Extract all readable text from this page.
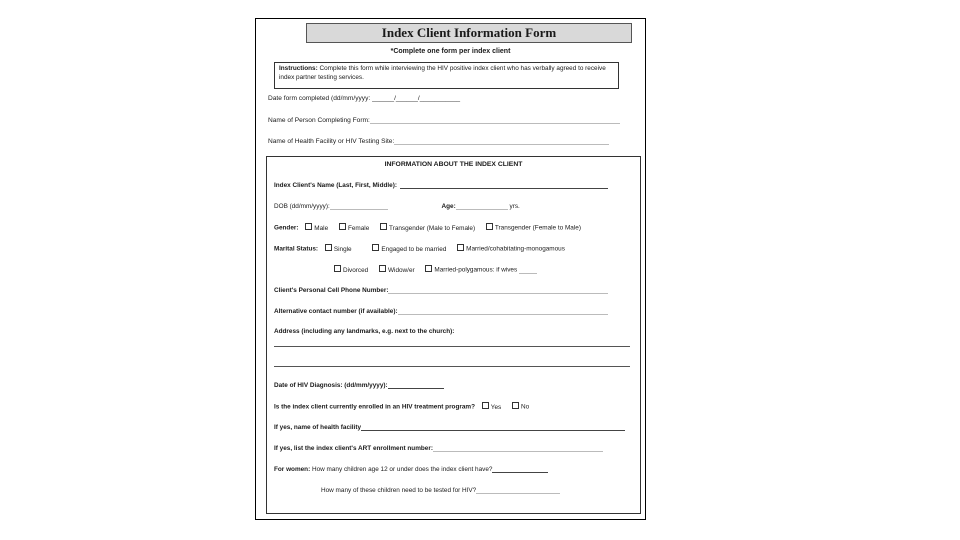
Index Client Information Form
*Complete one form per index client
Instructions: Complete this form while interviewing the HIV positive index client who has verbally agreed to receive index partner testing services.
Date form completed (dd/mm/yyyy: ______/______/___________
Name of Person Completing Form:
Name of Health Facility or HIV Testing Site:
INFORMATION ABOUT THE INDEX CLIENT
Index Client's Name (Last, First, Middle):
DOB (dd/mm/yyyy):	Age:	yrs.
Gender: Male	Female	Transgender (Male to Female)	Transgender (Female to Male)
Marital Status: Single	Engaged to be married	Married/cohabitating-monogamous
Divorced	Widow/er	Married-polygamous: if wives
Client's Personal Cell Phone Number:
Alternative contact number (if available):
Address (including any landmarks, e.g. next to the church):
Date of HIV Diagnosis: (dd/mm/yyyy):
Is the index client currently enrolled in an HIV treatment program? Yes	No
If yes, name of health facility
If yes, list the index client's ART enrollment number:
For women: How many children age 12 or under does the index client have?
How many of these children need to be tested for HIV?
